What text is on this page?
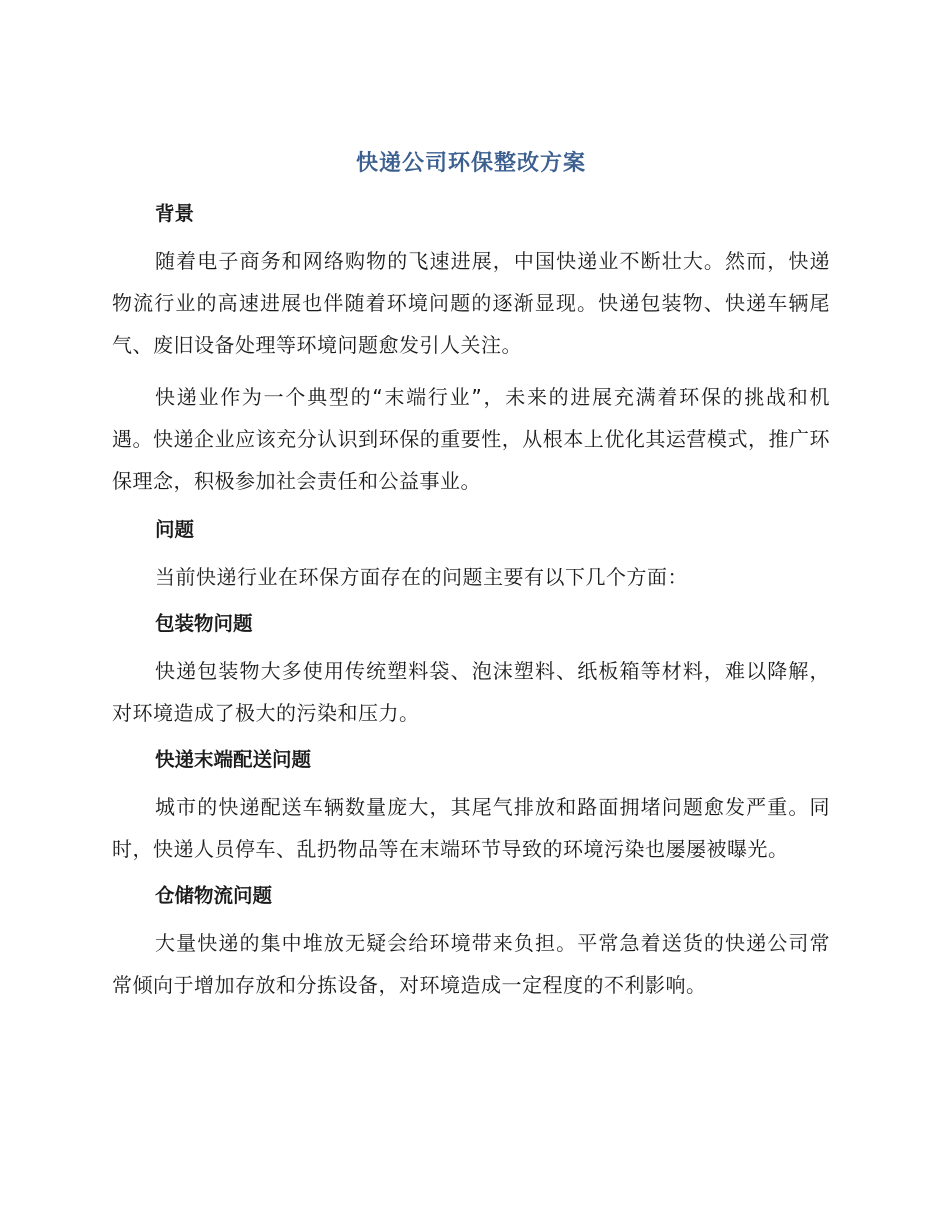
快递公司环保整改方案
背景

随着电子商务和网络购物的飞速进展，中国快递业不断壮大。然而，快递物流行业的高速进展也伴随着环境问题的逐渐显现。快递包装物、快递车辆尾气、废旧设备处理等环境问题愈发引人关注。

快递业作为一个典型的“末端行业”，未来的进展充满着环保的挑战和机遇。快递企业应该充分认识到环保的重要性，从根本上优化其运营模式，推广环保理念，积极参加社会责任和公益事业。

问题

当前快递行业在环保方面存在的问题主要有以下几个方面：

包装物问题

快递包装物大多使用传统塑料袋、泡沫塑料、纸板箱等材料，难以降解，对环境造成了极大的污染和压力。

快递末端配送问题

城市的快递配送车辆数量庞大，其尾气排放和路面拥堵问题愈发严重。同时，快递人员停车、乱扔物品等在末端环节导致的环境污染也屡屡被曝光。

仓储物流问题

大量快递的集中堆放无疑会给环境带来负担。平常急着送货的快递公司常常倾向于增加存放和分拣设备，对环境造成一定程度的不利影响。
